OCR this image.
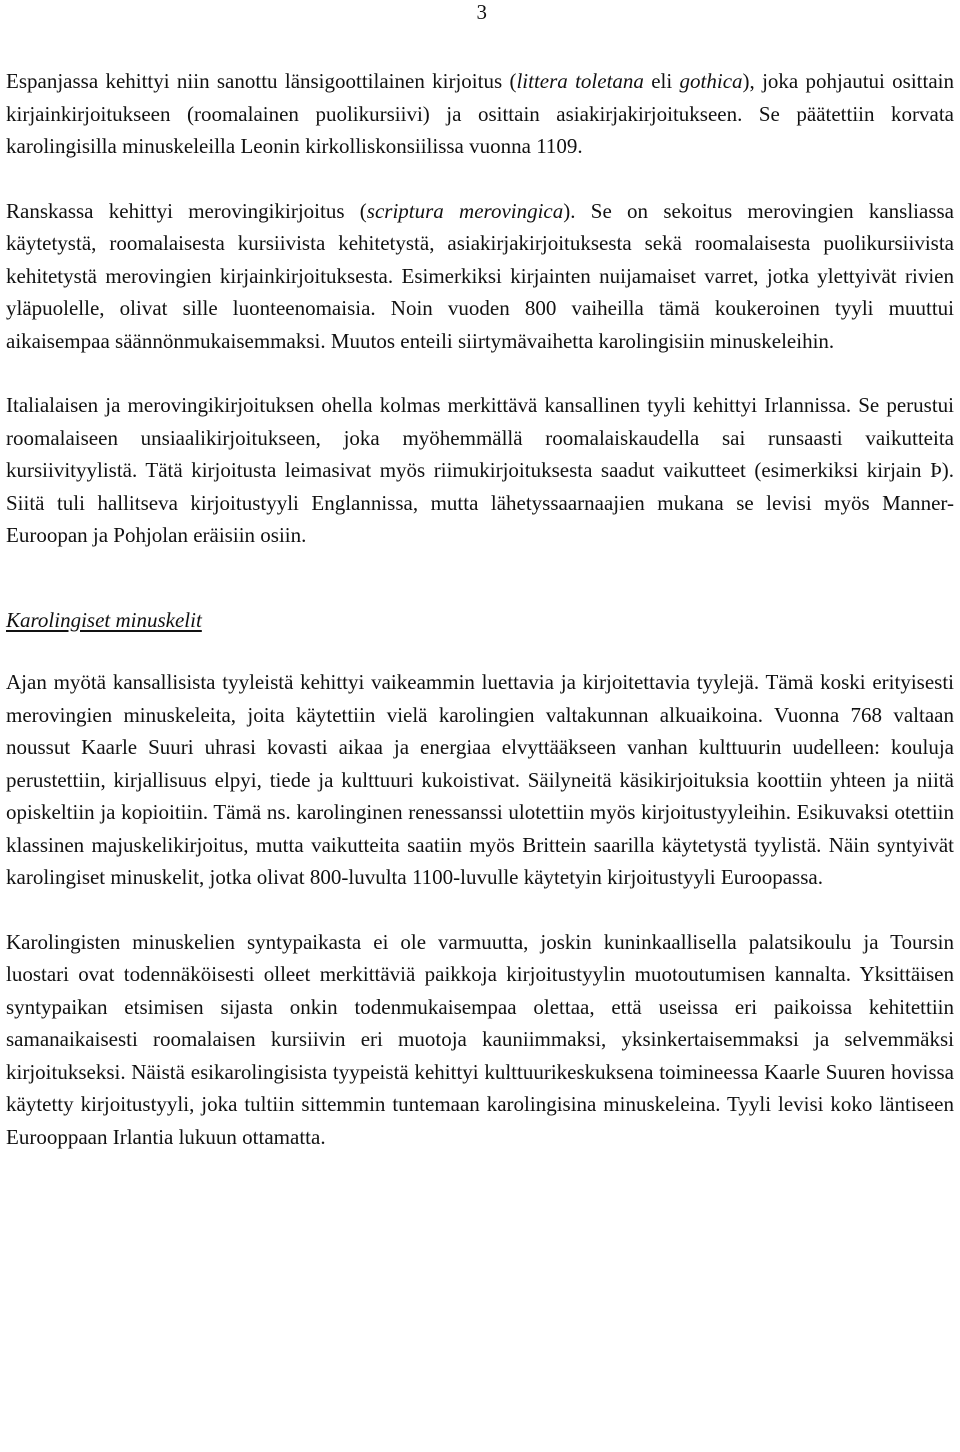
3

Espanjassa kehittyi niin sanottu länsigoottilainen kirjoitus (littera toletana eli gothica), joka pohjautui osittain kirjainkirjoitukseen (roomalainen puolikursiivi) ja osittain asiakirjakirjoitukseen. Se päätettiin korvata karolingisilla minuskeleilla Leonin kirkolliskonsiilissa vuonna 1109.

Ranskassa kehittyi merovingikirjoitus (scriptura merovingica). Se on sekoitus merovingien kansliassa käytetystä, roomalaisesta kursiivista kehitetystä, asiakirjakirjoituksesta sekä roomalaisesta puolikursiivista kehitetystä merovingien kirjainkirjoituksesta. Esimerkiksi kirjainten nuijamaiset varret, jotka ylettyivät rivien yläpuolelle, olivat sille luonteenomaisia. Noin vuoden 800 vaiheilla tämä koukeroinen tyyli muuttui aikaisempaa säännönmukaisemmaksi. Muutos enteili siirtymävaihetta karolingisiin minuskeleihin.

Italialaisen ja merovingikirjoituksen ohella kolmas merkittävä kansallinen tyyli kehittyi Irlannissa. Se perustui roomalaiseen unsiaalikirjoitukseen, joka myöhemmällä roomalaiskaudella sai runsaasti vaikutteita kursiivityylistä. Tätä kirjoitusta leimasivat myös riimukirjoituksesta saadut vaikutteet (esimerkiksi kirjain Þ). Siitä tuli hallitseva kirjoitustyyli Englannissa, mutta lähetyssaarnaajien mukana se levisi myös Manner-Euroopan ja Pohjolan eräisiin osiin.

Karolingiset minuskelit

Ajan myötä kansallisista tyyleistä kehittyi vaikeammin luettavia ja kirjoitettavia tyylejä. Tämä koski erityisesti merovingien minuskeleita, joita käytettiin vielä karolingien valtakunnan alkuaikoina. Vuonna 768 valtaan noussut Kaarle Suuri uhrasi kovasti aikaa ja energiaa elvyttääkseen vanhan kulttuurin uudelleen: kouluja perustettiin, kirjallisuus elpyi, tiede ja kulttuuri kukoistivat. Säilyneitä käsikirjoituksia koottiin yhteen ja niitä opiskeltiin ja kopioitiin. Tämä ns. karolinginen renessanssi ulotettiin myös kirjoitustyyleihin. Esikuvaksi otettiin klassinen majuskelikirjoitus, mutta vaikutteita saatiin myös Brittein saarilla käytetystä tyylistä. Näin syntyivät karolingiset minuskelit, jotka olivat 800-luvulta 1100-luvulle käytetyin kirjoitustyyli Euroopassa.

Karolingisten minuskelien syntypaikasta ei ole varmuutta, joskin kuninkaallisella palatsikoulu ja Toursin luostari ovat todennäköisesti olleet merkittäviä paikkoja kirjoitustyylin muotoutumisen kannalta. Yksittäisen syntypaikan etsimisen sijasta onkin todenmukaisempaa olettaa, että useissa eri paikoissa kehitettiin samanaikaisesti roomalaisen kursiivin eri muotoja kauniimmaksi, yksinkertaisemmaksi ja selvemmäksi kirjoitukseksi. Näistä esikarolingisista tyypeistä kehittyi kulttuurikeskuksena toimineessa Kaarle Suuren hovissa käytetty kirjoitustyyli, joka tultiin sittemmin tuntemaan karolingisina minuskeleina. Tyyli levisi koko läntiseen Eurooppaan Irlantia lukuun ottamatta.
